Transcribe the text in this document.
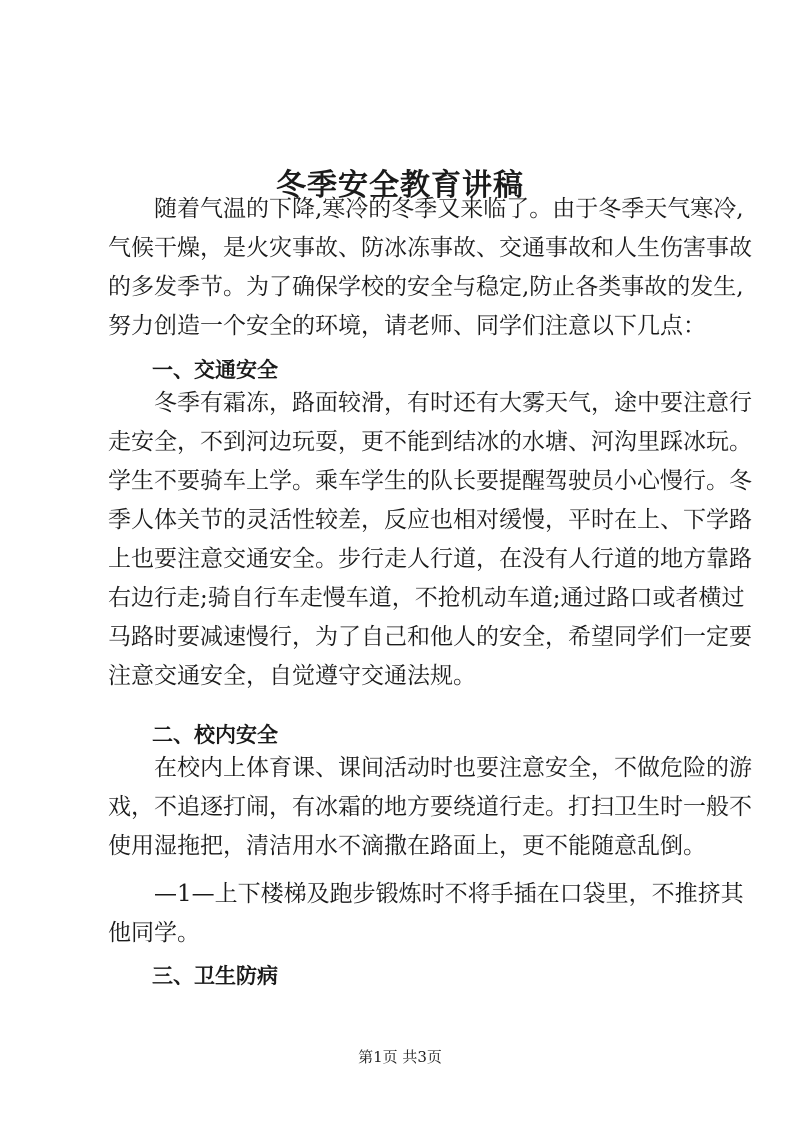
冬季安全教育讲稿

　　随着气温的下降,寒冷的冬季又来临了。由于冬季天气寒冷,
气候干燥，是火灾事故、防冰冻事故、交通事故和人生伤害事故
的多发季节。为了确保学校的安全与稳定,防止各类事故的发生,
努力创造一个安全的环境，请老师、同学们注意以下几点：

一、交通安全

　　冬季有霜冻，路面较滑，有时还有大雾天气，途中要注意行
走安全，不到河边玩耍，更不能到结冰的水塘、河沟里踩冰玩。
学生不要骑车上学。乘车学生的队长要提醒驾驶员小心慢行。冬
季人体关节的灵活性较差，反应也相对缓慢，平时在上、下学路
上也要注意交通安全。步行走人行道，在没有人行道的地方靠路
右边行走;骑自行车走慢车道，不抢机动车道;通过路口或者横过
马路时要减速慢行，为了自己和他人的安全，希望同学们一定要
注意交通安全，自觉遵守交通法规。

二、校内安全

　　在校内上体育课、课间活动时也要注意安全，不做危险的游
戏，不追逐打闹，有冰霜的地方要绕道行走。打扫卫生时一般不
使用湿拖把，清洁用水不滴撒在路面上，更不能随意乱倒。

　　—1—上下楼梯及跑步锻炼时不将手插在口袋里，不推挤其
他同学。

三、卫生防病
第1页 共3页
